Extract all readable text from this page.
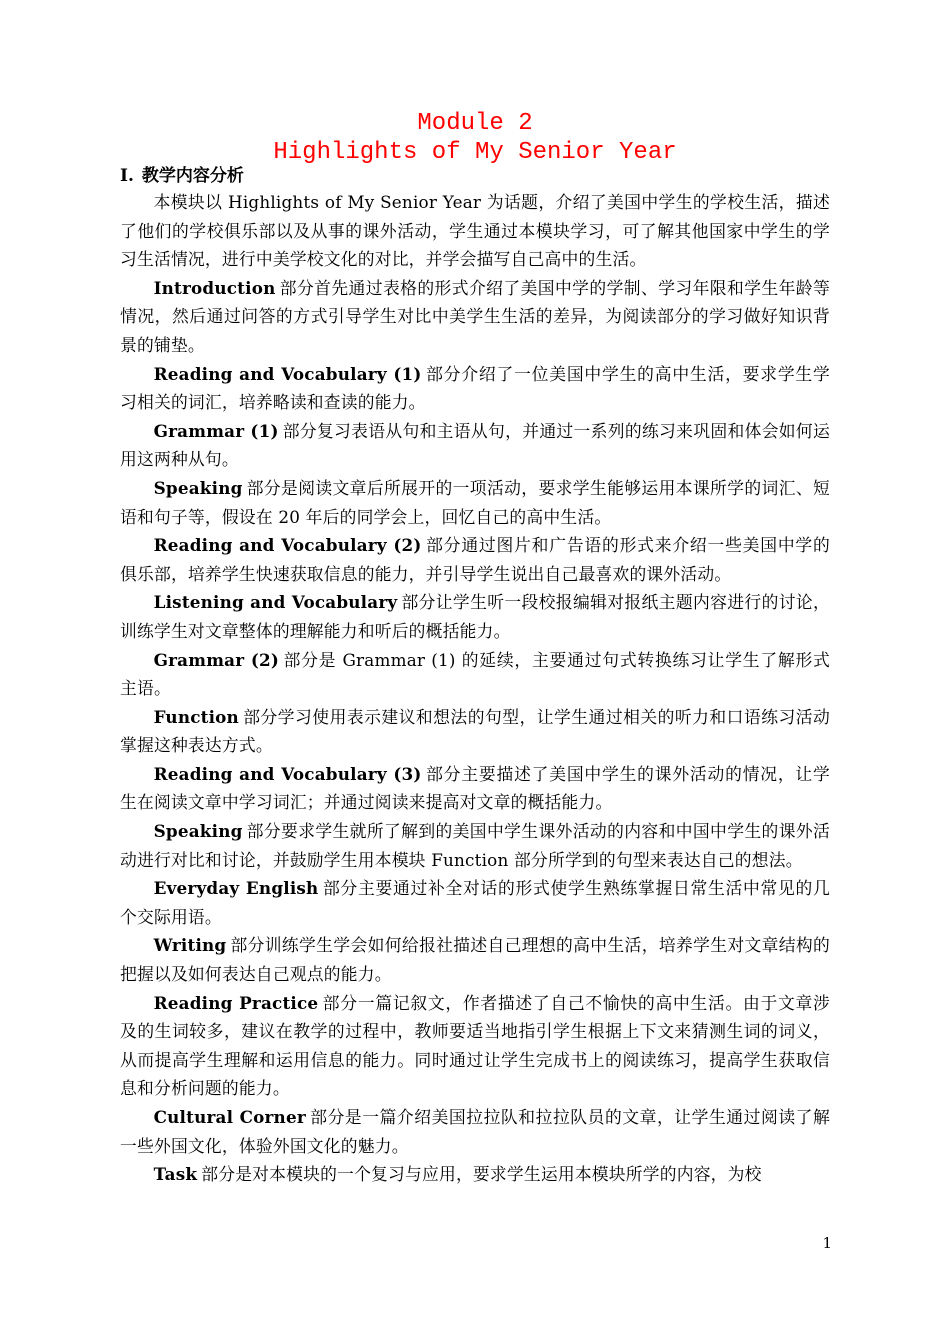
Module 2
Highlights of My Senior Year
I. 教学内容分析

本模块以 Highlights of My Senior Year 为话题，介绍了美国中学生的学校生活，描述了他们的学校俱乐部以及从事的课外活动，学生通过本模块学习，可了解其他国家中学生的学习生活情况，进行中美学校文化的对比，并学会描写自己高中的生活。

Introduction 部分首先通过表格的形式介绍了美国中学的学制、学习年限和学生年龄等情况，然后通过问答的方式引导学生对比中美学生生活的差异，为阅读部分的学习做好知识背景的铺垫。

Reading and Vocabulary (1) 部分介绍了一位美国中学生的高中生活，要求学生学习相关的词汇，培养略读和查读的能力。

Grammar (1) 部分复习表语从句和主语从句，并通过一系列的练习来巩固和体会如何运用这两种从句。

Speaking 部分是阅读文章后所展开的一项活动，要求学生能够运用本课所学的词汇、短语和句子等，假设在 20 年后的同学会上，回忆自己的高中生活。

Reading and Vocabulary (2) 部分通过图片和广告语的形式来介绍一些美国中学的俱乐部，培养学生快速获取信息的能力，并引导学生说出自己最喜欢的课外活动。

Listening and Vocabulary 部分让学生听一段校报编辑对报纸主题内容进行的讨论，训练学生对文章整体的理解能力和听后的概括能力。

Grammar (2) 部分是 Grammar (1) 的延续，主要通过句式转换练习让学生了解形式主语。

Function 部分学习使用表示建议和想法的句型，让学生通过相关的听力和口语练习活动掌握这种表达方式。

Reading and Vocabulary (3) 部分主要描述了美国中学生的课外活动的情况，让学生在阅读文章中学习词汇；并通过阅读来提高对文章的概括能力。

Speaking 部分要求学生就所了解到的美国中学生课外活动的内容和中国中学生的课外活动进行对比和讨论，并鼓励学生用本模块 Function 部分所学到的句型来表达自己的想法。

Everyday English 部分主要通过补全对话的形式使学生熟练掌握日常生活中常见的几个交际用语。

Writing 部分训练学生学会如何给报社描述自己理想的高中生活，培养学生对文章结构的把握以及如何表达自己观点的能力。

Reading Practice 部分一篇记叙文，作者描述了自己不愉快的高中生活。由于文章涉及的生词较多，建议在教学的过程中，教师要适当地指引学生根据上下文来猜测生词的词义，从而提高学生理解和运用信息的能力。同时通过让学生完成书上的阅读练习，提高学生获取信息和分析问题的能力。

Cultural Corner 部分是一篇介绍美国拉拉队和拉拉队员的文章，让学生通过阅读了解一些外国文化，体验外国文化的魅力。

Task 部分是对本模块的一个复习与应用，要求学生运用本模块所学的内容，为校

1
